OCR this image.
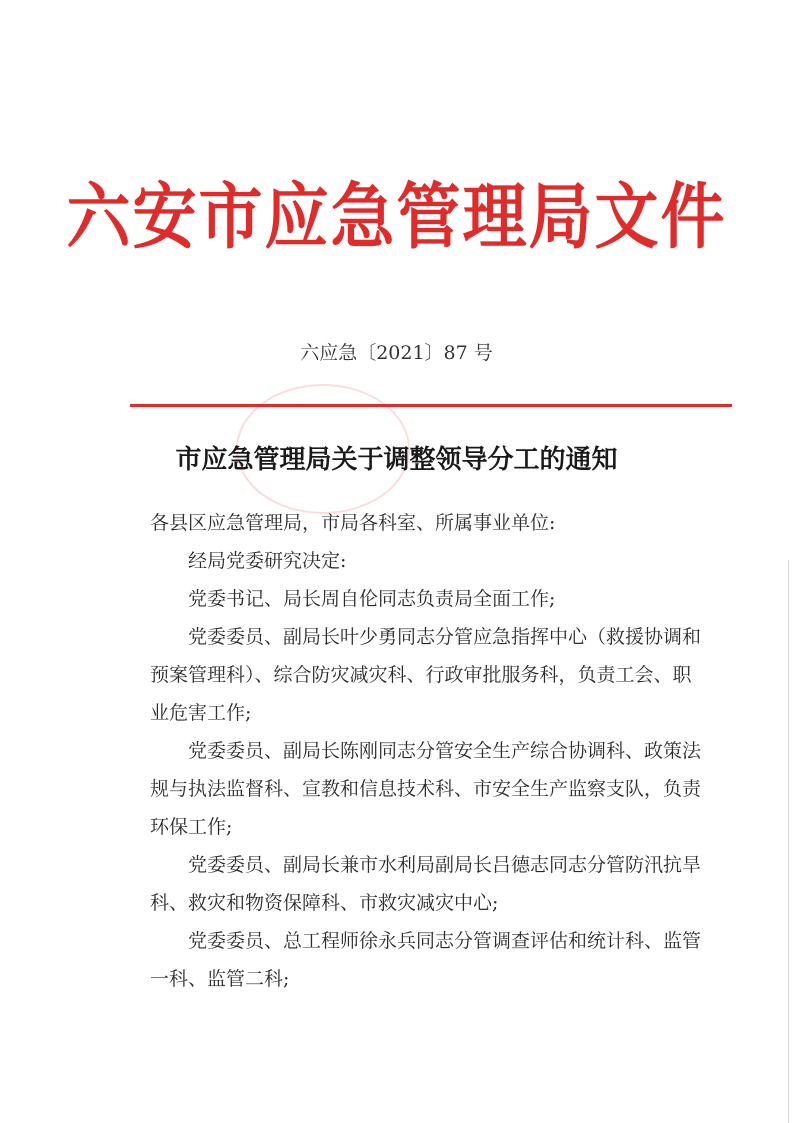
六安市应急管理局文件
六应急〔2021〕87 号
市应急管理局关于调整领导分工的通知

各县区应急管理局，市局各科室、所属事业单位:

经局党委研究决定:

党委书记、局长周自伦同志负责局全面工作;

党委委员、副局长叶少勇同志分管应急指挥中心（救援协调和预案管理科）、综合防灾减灾科、行政审批服务科，负责工会、职业危害工作;

党委委员、副局长陈刚同志分管安全生产综合协调科、政策法规与执法监督科、宣教和信息技术科、市安全生产监察支队，负责环保工作;

党委委员、副局长兼市水利局副局长吕德志同志分管防汛抗旱科、救灾和物资保障科、市救灾减灾中心;

党委委员、总工程师徐永兵同志分管调查评估和统计科、监管一科、监管二科;
